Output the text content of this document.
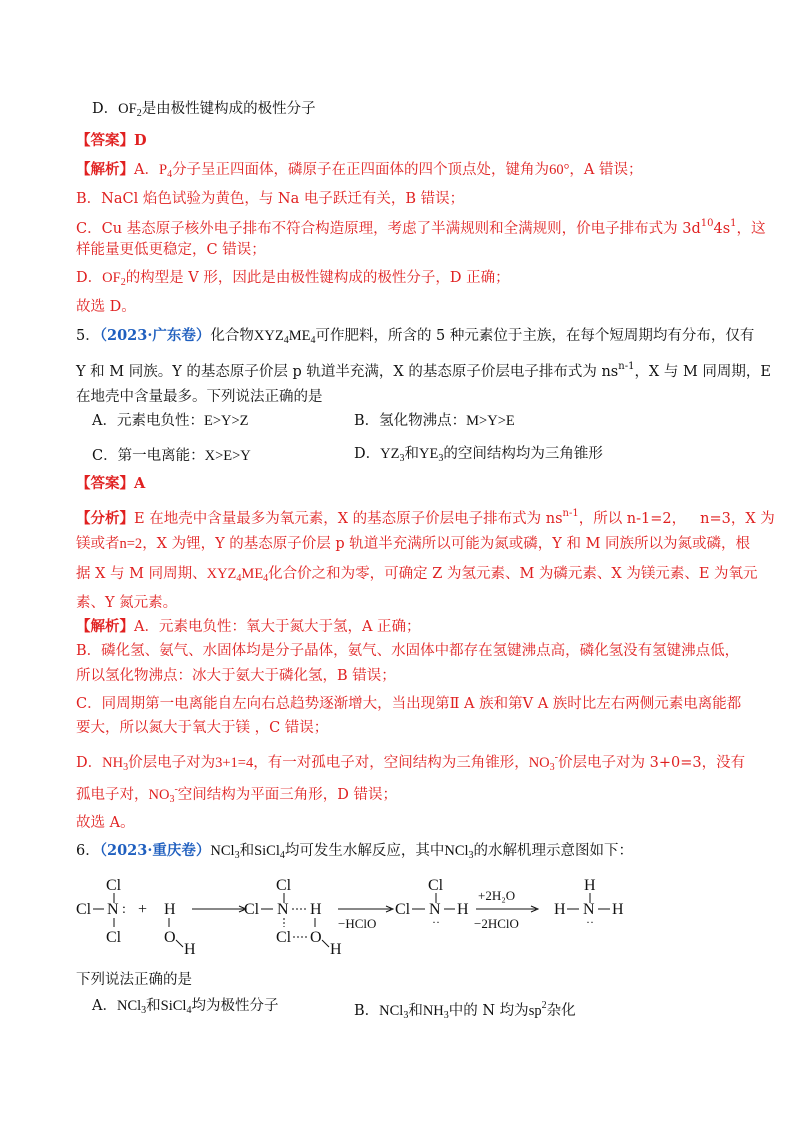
D．$OF_2$是由极性键构成的极性分子
【答案】D
【解析】A．$P_4$分子呈正四面体，磷原子在正四面体的四个顶点处，键角为60°，A 错误；
B．NaCl 焰色试验为黄色，与 Na 电子跃迁有关，B 错误；
C．Cu 基态原子核外电子排布不符合构造原理，考虑了半满规则和全满规则，价电子排布式为 $3d^{10}4s^1$，这
样能量更低更稳定，C 错误；
D．$OF_2$的构型是 V 形，因此是由极性键构成的极性分子，D 正确；
故选 D。
5．（2023·广东卷）化合物$XYZ_4ME_4$可作肥料，所含的 5 种元素位于主族，在每个短周期均有分布，仅有
Y 和 M 同族。Y 的基态原子价层 p 轨道半充满，X 的基态原子价层电子排布式为 $ns^{n-1}$，X 与 M 同周期，E
在地壳中含量最多。下列说法正确的是
A．元素电负性：E>Y>Z	B．氢化物沸点：M>Y>E
C．第一电离能：X>E>Y	D．$YZ_3$和$YE_3$的空间结构均为三角锥形
【答案】A
【分析】E 在地壳中含量最多为氧元素，X 的基态原子价层电子排布式为 $ns^{n-1}$，所以 n-1=2， n=3，X 为
镁或者n=2，X 为锂，Y 的基态原子价层 p 轨道半充满所以可能为氮或磷，Y 和 M 同族所以为氮或磷，根
据 X 与 M 同周期、$XYZ_4ME_4$化合价之和为零，可确定 Z 为氢元素、M 为磷元素、X 为镁元素、E 为氧元
素、Y 氮元素。
【解析】A．元素电负性：氧大于氮大于氢，A 正确；
B．磷化氢、氨气、水固体均是分子晶体，氨气、水固体中都存在氢键沸点高，磷化氢没有氢键沸点低，
所以氢化物沸点：冰大于氨大于磷化氢，B 错误；
C．同周期第一电离能自左向右总趋势逐渐增大，当出现第Ⅱ A 族和第Ⅴ A 族时比左右两侧元素电离能都
要大，所以氮大于氧大于镁 ，C 错误；
D．$NH_3$价层电子对为3+1=4，有一对孤电子对，空间结构为三角锥形，$NO_3^-$价层电子对为 3+0=3，没有
孤电子对，$NO_3^-$空间结构为平面三角形，D 错误；
故选 A。
6．（2023·重庆卷）NCl$_3$和SiCl$_4$均可发生水解反应，其中NCl$_3$的水解机理示意图如下：
Cl
Cl N :
Cl
+ H
O
H
Cl
Cl N H
Cl O
H
−HClO
Cl
Cl N
··
H
+2H₂O
−2HClO
H
H N
··
H
下列说法正确的是
A．NCl$_3$和SiCl$_4$均为极性分子	B．NCl$_3$和$NH_3$中的 N 均为$sp^2$杂化
